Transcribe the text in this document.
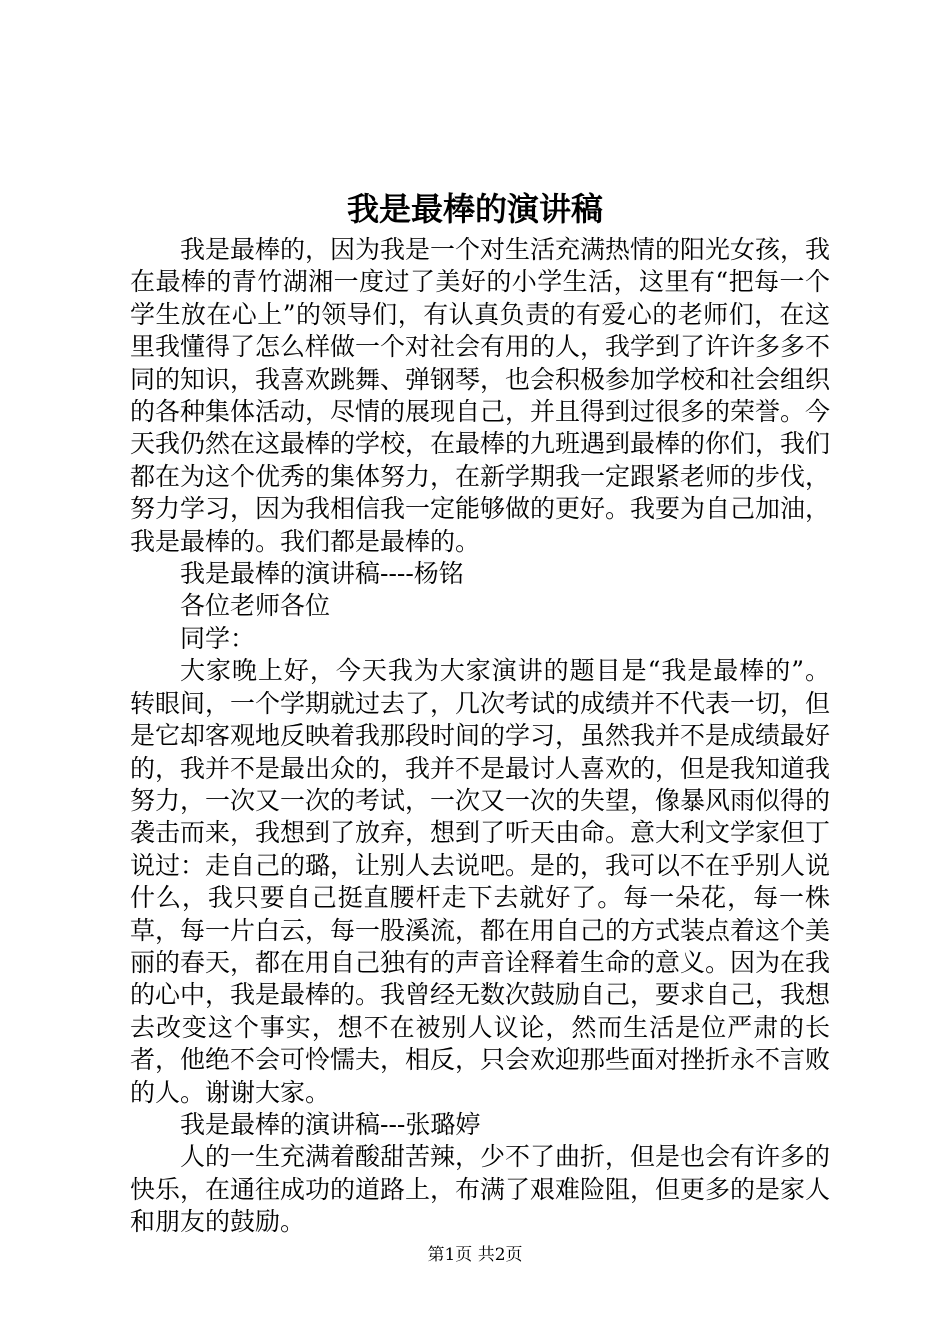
我是最棒的演讲稿

我是最棒的，因为我是一个对生活充满热情的阳光女孩，我在最棒的青竹湖湘一度过了美好的小学生活，这里有“把每一个学生放在心上”的领导们，有认真负责的有爱心的老师们，在这里我懂得了怎么样做一个对社会有用的人，我学到了许许多多不同的知识，我喜欢跳舞、弹钢琴，也会积极参加学校和社会组织的各种集体活动，尽情的展现自己，并且得到过很多的荣誉。今天我仍然在这最棒的学校，在最棒的九班遇到最棒的你们，我们都在为这个优秀的集体努力，在新学期我一定跟紧老师的步伐，努力学习，因为我相信我一定能够做的更好。我要为自己加油，我是最棒的。我们都是最棒的。

我是最棒的演讲稿----杨铭

各位老师各位

同学：

大家晚上好，今天我为大家演讲的题目是“我是最棒的”。转眼间，一个学期就过去了，几次考试的成绩并不代表一切，但是它却客观地反映着我那段时间的学习，虽然我并不是成绩最好的，我并不是最出众的，我并不是最讨人喜欢的，但是我知道我努力，一次又一次的考试，一次又一次的失望，像暴风雨似得的袭击而来，我想到了放弃，想到了听天由命。意大利文学家但丁说过：走自己的璐，让别人去说吧。是的，我可以不在乎别人说什么，我只要自己挺直腰杆走下去就好了。每一朵花，每一株草，每一片白云，每一股溪流，都在用自己的方式装点着这个美丽的春天，都在用自己独有的声音诠释着生命的意义。因为在我的心中，我是最棒的。我曾经无数次鼓励自己，要求自己，我想去改变这个事实，想不在被别人议论，然而生活是位严肃的长者，他绝不会可怜懦夫，相反，只会欢迎那些面对挫折永不言败的人。谢谢大家。

我是最棒的演讲稿---张璐婷

人的一生充满着酸甜苦辣，少不了曲折，但是也会有许多的快乐，在通往成功的道路上，布满了艰难险阻，但更多的是家人和朋友的鼓励。

第1页 共2页
